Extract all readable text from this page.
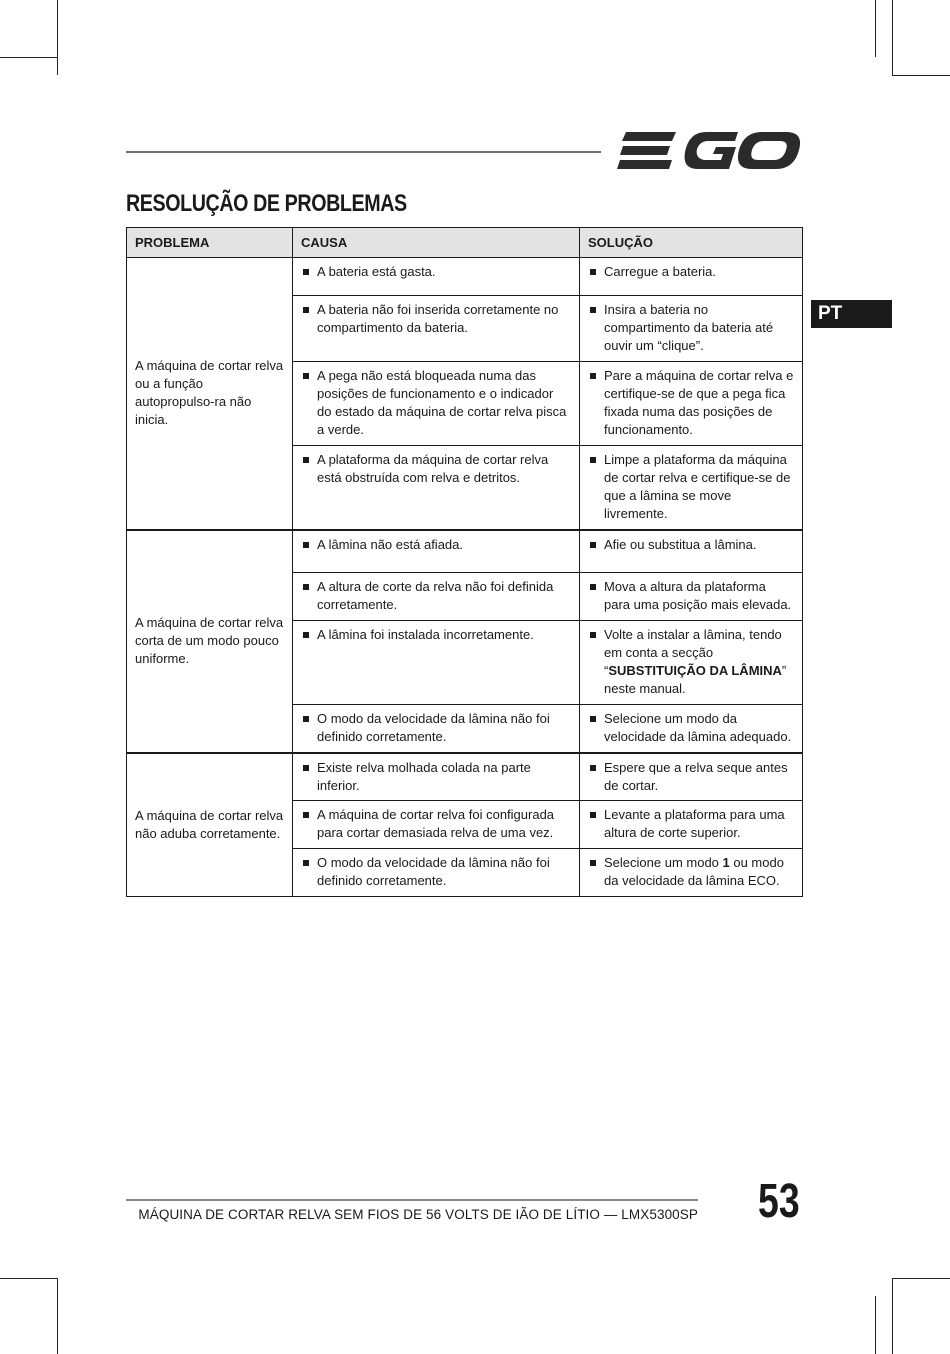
RESOLUÇÃO DE PROBLEMAS
PT
PROBLEMA	CAUSA	SOLUÇÃO
A máquina de cortar relva ou a função autopropulso-ra não inicia.	A bateria está gasta.	Carregue a bateria.

	A bateria não foi inserida corretamente no compartimento da bateria.	Insira a bateria no compartimento da bateria até ouvir um “clique”.

	A pega não está bloqueada numa das posições de funcionamento e o indicador do estado da máquina de cortar relva pisca a verde.	Pare a máquina de cortar relva e certifique-se de que a pega fica fixada numa das posições de funcionamento.

	A plataforma da máquina de cortar relva está obstruída com relva e detritos.	Limpe a plataforma da máquina de cortar relva e certifique-se de que a lâmina se move livremente.

A máquina de cortar relva corta de um modo pouco uniforme.	A lâmina não está afiada.	Afie ou substitua a lâmina.

	A altura de corte da relva não foi definida corretamente.	Mova a altura da plataforma para uma posição mais elevada.

	A lâmina foi instalada incorretamente.	Volte a instalar a lâmina, tendo em conta a secção “SUBSTITUIÇÃO DA LÂMINA” neste manual.

	O modo da velocidade da lâmina não foi definido corretamente.	Selecione um modo da velocidade da lâmina adequado.

A máquina de cortar relva não aduba corretamente.	Existe relva molhada colada na parte inferior.	Espere que a relva seque antes de cortar.

	A máquina de cortar relva foi configurada para cortar demasiada relva de uma vez.	Levante a plataforma para uma altura de corte superior.

	O modo da velocidade da lâmina não foi definido corretamente.	Selecione um modo 1 ou modo da velocidade da lâmina ECO.
MÁQUINA DE CORTAR RELVA SEM FIOS DE 56 VOLTS DE IÃO DE LÍTIO — LMX5300SP 53
